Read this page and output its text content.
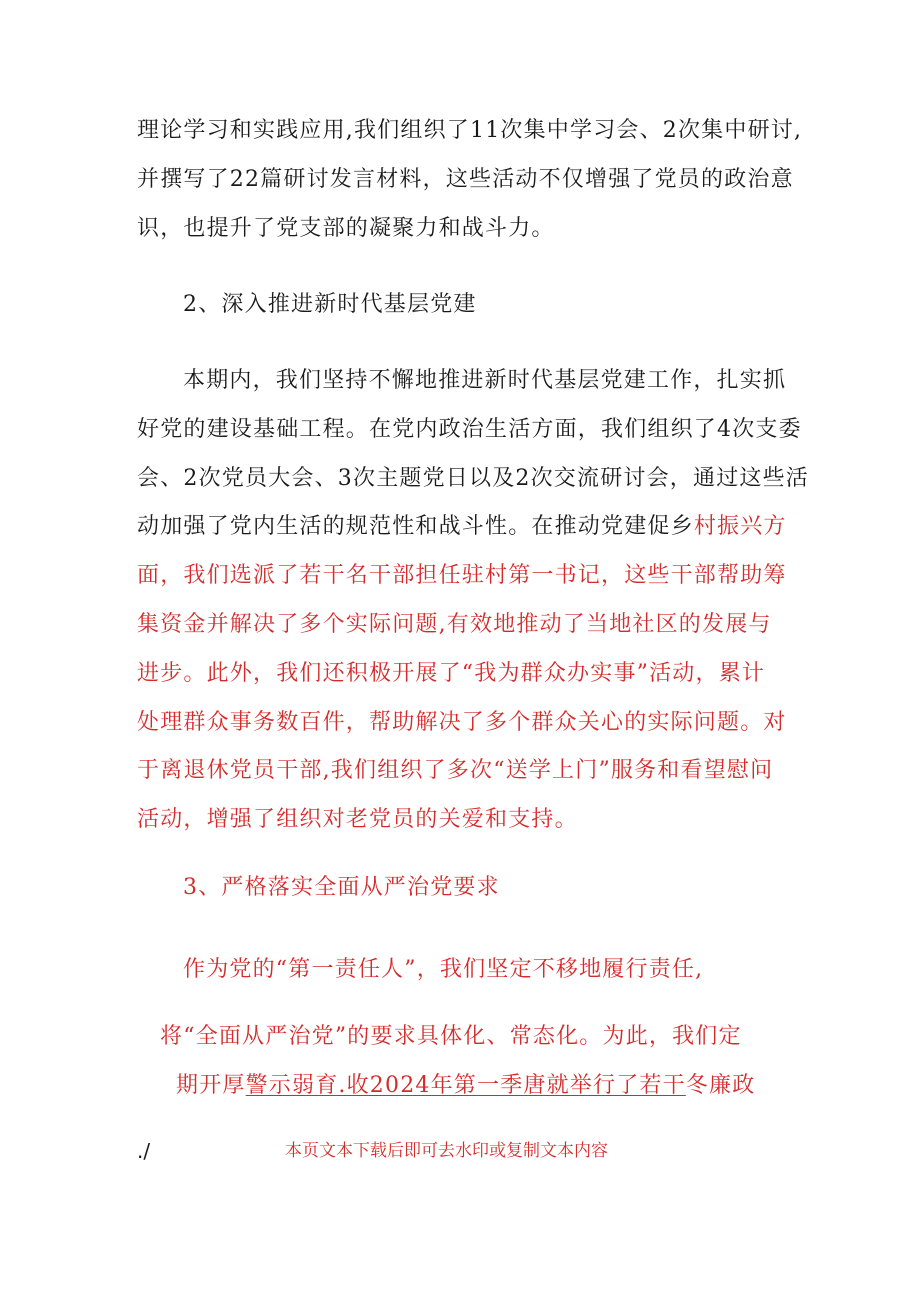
理论学习和实践应用,我们组织了11次集中学习会、2次集中研讨,
并撰写了22篇研讨发言材料，这些活动不仅增强了党员的政治意
识，也提升了党支部的凝聚力和战斗力。
2、深入推进新时代基层党建
本期内，我们坚持不懈地推进新时代基层党建工作，扎实抓
好党的建设基础工程。在党内政治生活方面，我们组织了4次支委
会、2次党员大会、3次主题党日以及2次交流研讨会，通过这些活
动加强了党内生活的规范性和战斗性。在推动党建促乡村振兴方
面，我们选派了若干名干部担任驻村第一书记，这些干部帮助筹
集资金并解决了多个实际问题,有效地推动了当地社区的发展与
进步。此外，我们还积极开展了“我为群众办实事”活动，累计
处理群众事务数百件，帮助解决了多个群众关心的实际问题。对
于离退休党员干部,我们组织了多次“送学上门”服务和看望慰问
活动，增强了组织对老党员的关爱和支持。
3、严格落实全面从严治党要求
作为党的“第一责任人”，我们坚定不移地履行责任,
将“全面从严治党”的要求具体化、常态化。为此，我们定
期开厚警示弱育.收2024年第一季唐就举行了若干冬廉政
./	本页文本下载后即可去水印或复制文本内容
